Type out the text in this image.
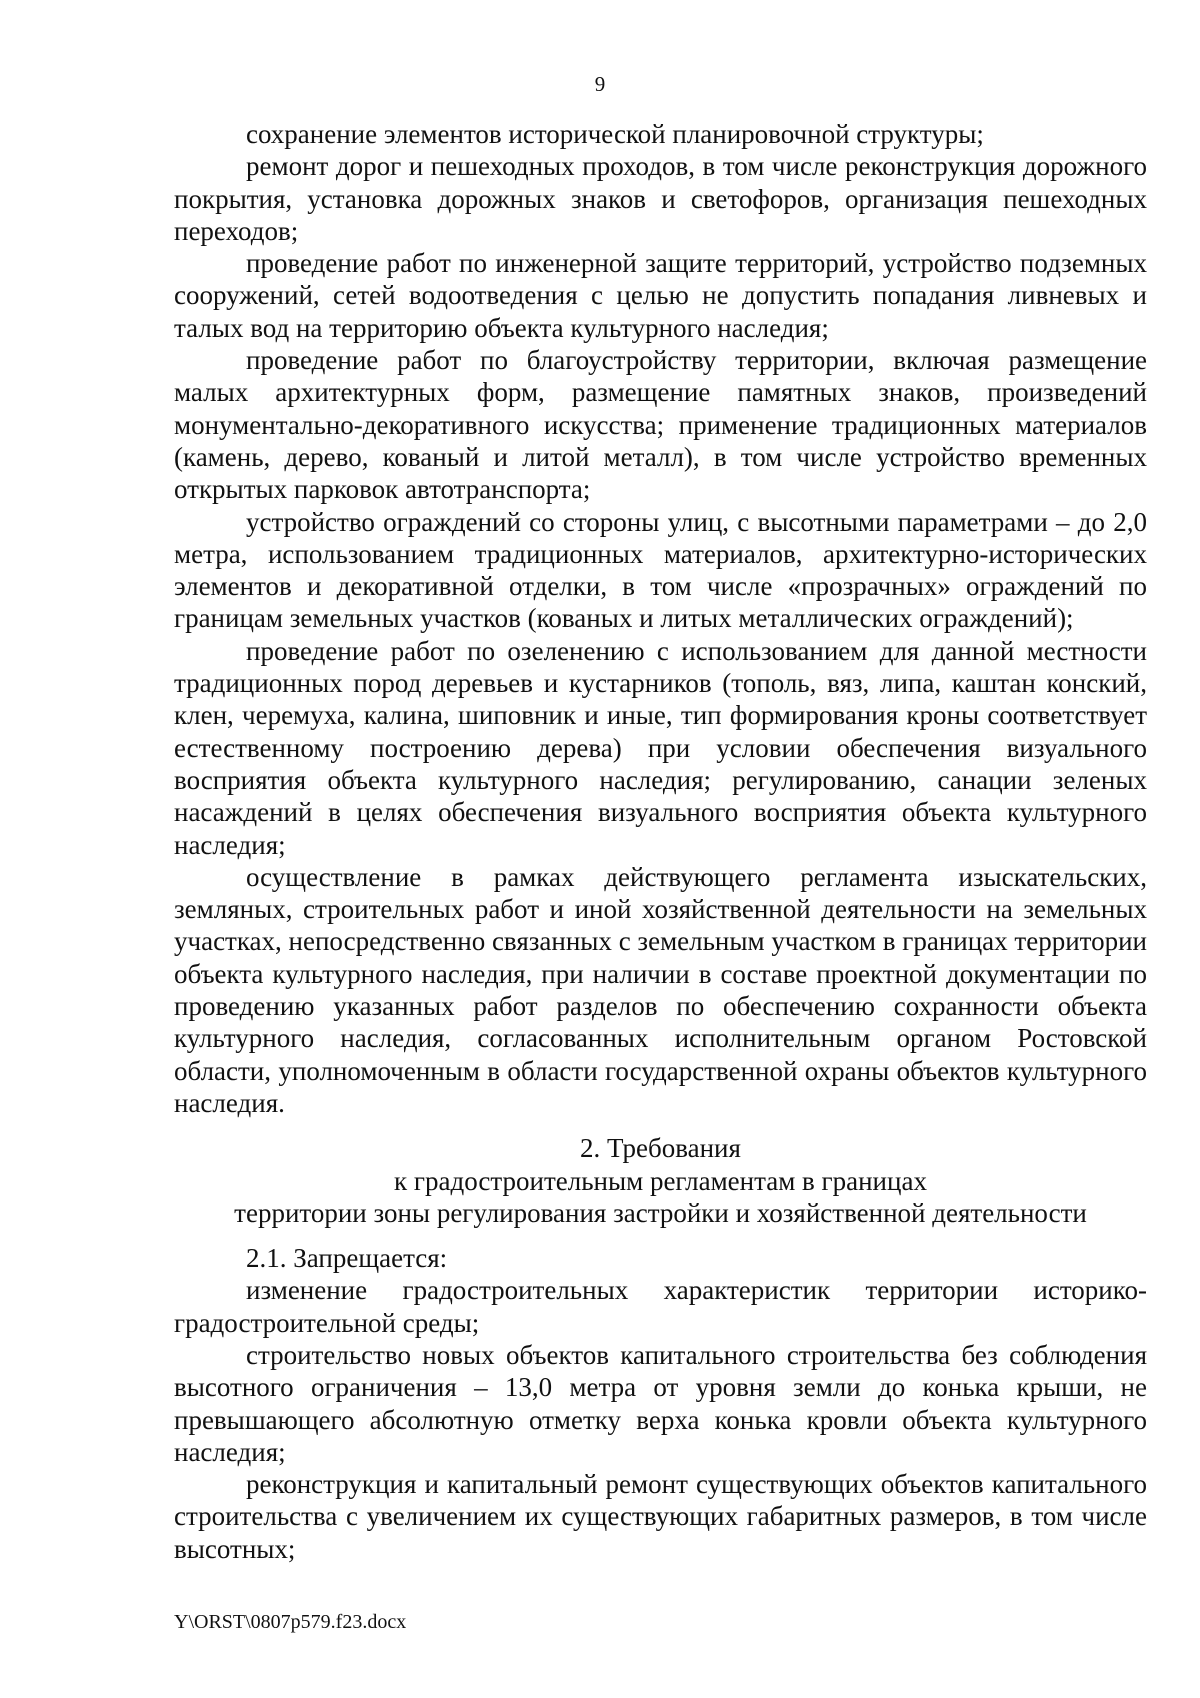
9

сохранение элементов исторической планировочной структуры;

ремонт дорог и пешеходных проходов, в том числе реконструкция дорожного покрытия, установка дорожных знаков и светофоров, организация пешеходных переходов;

проведение работ по инженерной защите территорий, устройство подземных сооружений, сетей водоотведения с целью не допустить попадания ливневых и талых вод на территорию объекта культурного наследия;

проведение работ по благоустройству территории, включая размещение малых архитектурных форм, размещение памятных знаков, произведений монументально-декоративного искусства; применение традиционных материалов (камень, дерево, кованый и литой металл), в том числе устройство временных открытых парковок автотранспорта;

устройство ограждений со стороны улиц, с высотными параметрами – до 2,0 метра, использованием традиционных материалов, архитектурно-исторических элементов и декоративной отделки, в том числе «прозрачных» ограждений по границам земельных участков (кованых и литых металлических ограждений);

проведение работ по озеленению с использованием для данной местности традиционных пород деревьев и кустарников (тополь, вяз, липа, каштан конский, клен, черемуха, калина, шиповник и иные, тип формирования кроны соответствует естественному построению дерева) при условии обеспечения визуального восприятия объекта культурного наследия; регулированию, санации зеленых насаждений в целях обеспечения визуального восприятия объекта культурного наследия;

осуществление в рамках действующего регламента изыскательских, земляных, строительных работ и иной хозяйственной деятельности на земельных участках, непосредственно связанных с земельным участком в границах территории объекта культурного наследия, при наличии в составе проектной документации по проведению указанных работ разделов по обеспечению сохранности объекта культурного наследия, согласованных исполнительным органом Ростовской области, уполномоченным в области государственной охраны объектов культурного наследия.

2. Требования
к градостроительным регламентам в границах
территории зоны регулирования застройки и хозяйственной деятельности

2.1. Запрещается:

изменение градостроительных характеристик территории историко-градостроительной среды;

строительство новых объектов капитального строительства без соблюдения высотного ограничения – 13,0 метра от уровня земли до конька крыши, не превышающего абсолютную отметку верха конька кровли объекта культурного наследия;

реконструкция и капитальный ремонт существующих объектов капитального строительства с увеличением их существующих габаритных размеров, в том числе высотных;

Y\ORST\0807p579.f23.docx
